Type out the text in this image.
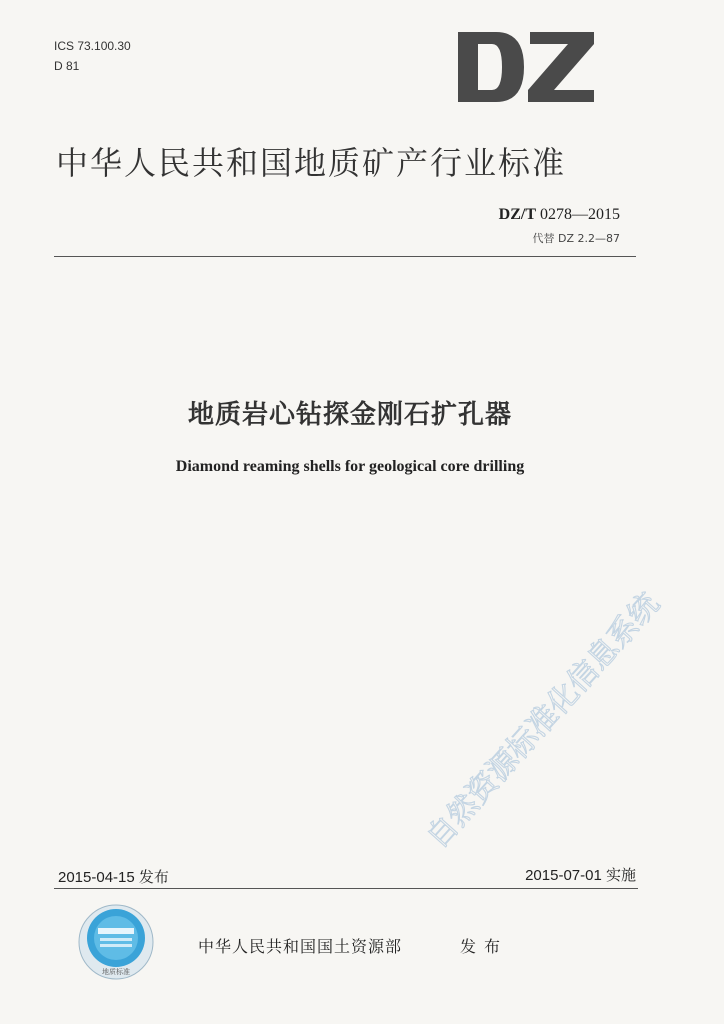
ICS 73.100.30
D 81
中华人民共和国地质矿产行业标准
DZ/T 0278—2015
代替 DZ 2.2—87
地质岩心钻探金刚石扩孔器
Diamond reaming shells for geological core drilling
自然资源标准化信息系统
2015-04-15 发布	2015-07-01 实施
地质标准
中华人民共和国国土资源部	发布
